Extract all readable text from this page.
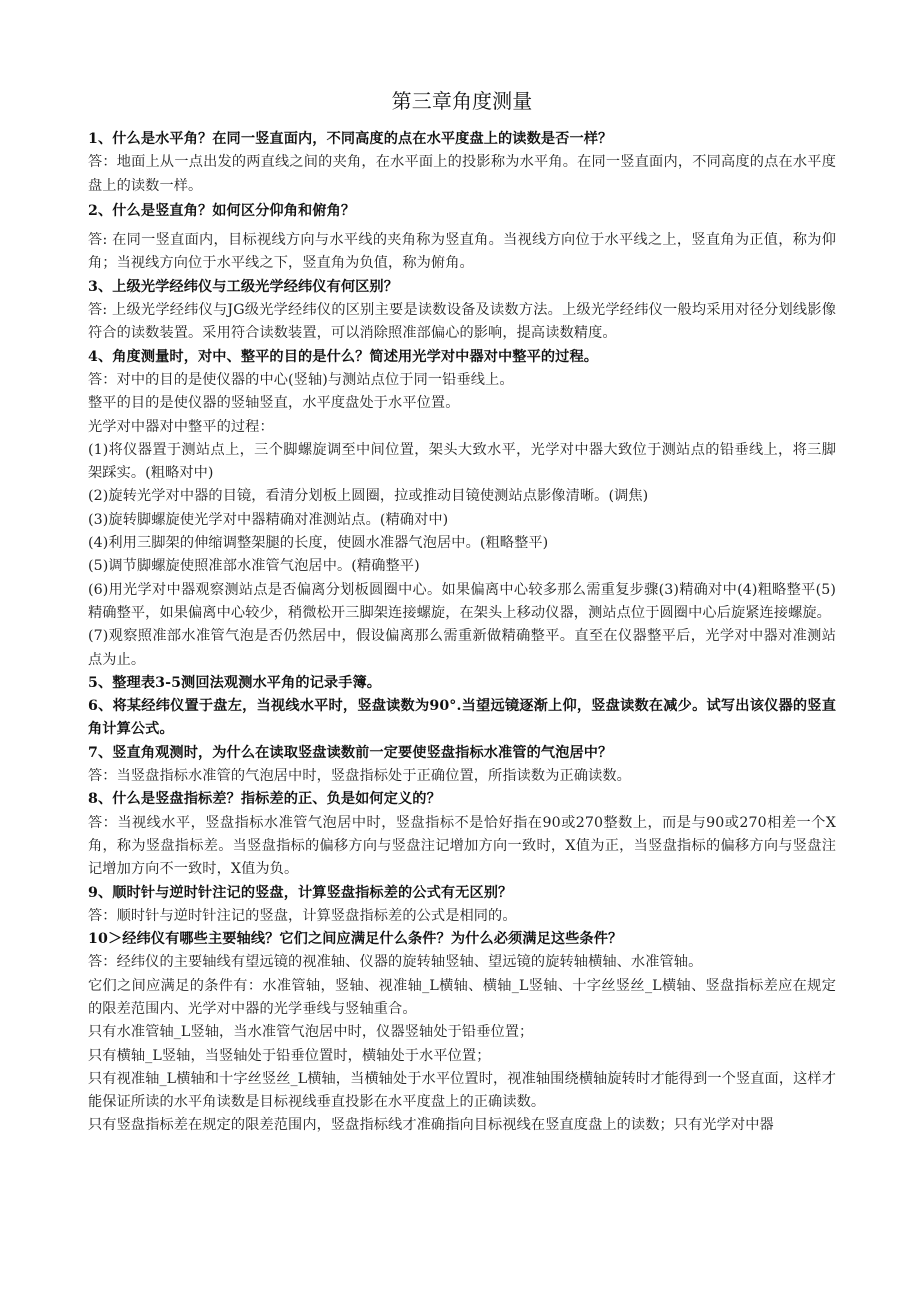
第三章角度测量

1、什么是水平角？在同一竖直面内，不同高度的点在水平度盘上的读数是否一样？

答：地面上从一点出发的两直线之间的夹角，在水平面上的投影称为水平角。在同一竖直面内，不同高度的点在水平度盘上的读数一样。

2、什么是竖直角？如何区分仰角和俯角？

答: 在同一竖直面内，目标视线方向与水平线的夹角称为竖直角。当视线方向位于水平线之上，竖直角为正值，称为仰角；当视线方向位于水平线之下，竖直角为负值，称为俯角。

3、上级光学经纬仪与工级光学经纬仪有何区别？

答: 上级光学经纬仪与JG级光学经纬仪的区别主要是读数设备及读数方法。上级光学经纬仪一般均采用对径分划线影像符合的读数装置。采用符合读数装置，可以消除照准部偏心的影响，提高读数精度。

4、角度测量时，对中、整平的目的是什么？简述用光学对中器对中整平的过程。

答：对中的目的是使仪器的中心(竖轴)与测站点位于同一铅垂线上。

整平的目的是使仪器的竖轴竖直，水平度盘处于水平位置。

光学对中器对中整平的过程：

(1)将仪器置于测站点上，三个脚螺旋调至中间位置，架头大致水平，光学对中器大致位于测站点的铅垂线上，将三脚架踩实。(粗略对中)

(2)旋转光学对中器的目镜，看清分划板上圆圈，拉或推动目镜使测站点影像清晰。(调焦)

(3)旋转脚螺旋使光学对中器精确对准测站点。(精确对中)

(4)利用三脚架的伸缩调整架腿的长度，使圆水准器气泡居中。(粗略整平)

(5)调节脚螺旋使照准部水准管气泡居中。(精确整平)

(6)用光学对中器观察测站点是否偏离分划板圆圈中心。如果偏离中心较多那么需重复步骤(3)精确对中(4)粗略整平(5)精确整平，如果偏离中心较少，稍微松开三脚架连接螺旋，在架头上移动仪器，测站点位于圆圈中心后旋紧连接螺旋。

(7)观察照准部水准管气泡是否仍然居中，假设偏离那么需重新做精确整平。直至在仪器整平后，光学对中器对准测站点为止。

5、整理表3-5测回法观测水平角的记录手簿。

6、将某经纬仪置于盘左，当视线水平时，竖盘读数为90°.当望远镜逐渐上仰，竖盘读数在减少。试写出该仪器的竖直角计算公式。

7、竖直角观测时，为什么在读取竖盘读数前一定要使竖盘指标水准管的气泡居中？

答：当竖盘指标水准管的气泡居中时，竖盘指标处于正确位置，所指读数为正确读数。

8、什么是竖盘指标差？指标差的正、负是如何定义的？

答：当视线水平，竖盘指标水准管气泡居中时，竖盘指标不是恰好指在90或270整数上，而是与90或270相差一个X角，称为竖盘指标差。当竖盘指标的偏移方向与竖盘注记增加方向一致时，X值为正，当竖盘指标的偏移方向与竖盘注记增加方向不一致时，X值为负。

9、顺时针与逆时针注记的竖盘，计算竖盘指标差的公式有无区别？

答：顺时针与逆时针注记的竖盘，计算竖盘指标差的公式是相同的。

10＞经纬仪有哪些主要轴线？它们之间应满足什么条件？为什么必须满足这些条件？

答：经纬仪的主要轴线有望远镜的视准轴、仪器的旋转轴竖轴、望远镜的旋转轴横轴、水准管轴。

它们之间应满足的条件有：水准管轴，竖轴、视准轴_L横轴、横轴_L竖轴、十字丝竖丝_L横轴、竖盘指标差应在规定的限差范围内、光学对中器的光学垂线与竖轴重合。

只有水准管轴_L竖轴，当水准管气泡居中时，仪器竖轴处于铅垂位置；

只有横轴_L竖轴，当竖轴处于铅垂位置时，横轴处于水平位置；

只有视准轴_L横轴和十字丝竖丝_L横轴，当横轴处于水平位置时，视准轴围绕横轴旋转时才能得到一个竖直面，这样才能保证所读的水平角读数是目标视线垂直投影在水平度盘上的正确读数。

只有竖盘指标差在规定的限差范围内，竖盘指标线才准确指向目标视线在竖直度盘上的读数；只有光学对中器
